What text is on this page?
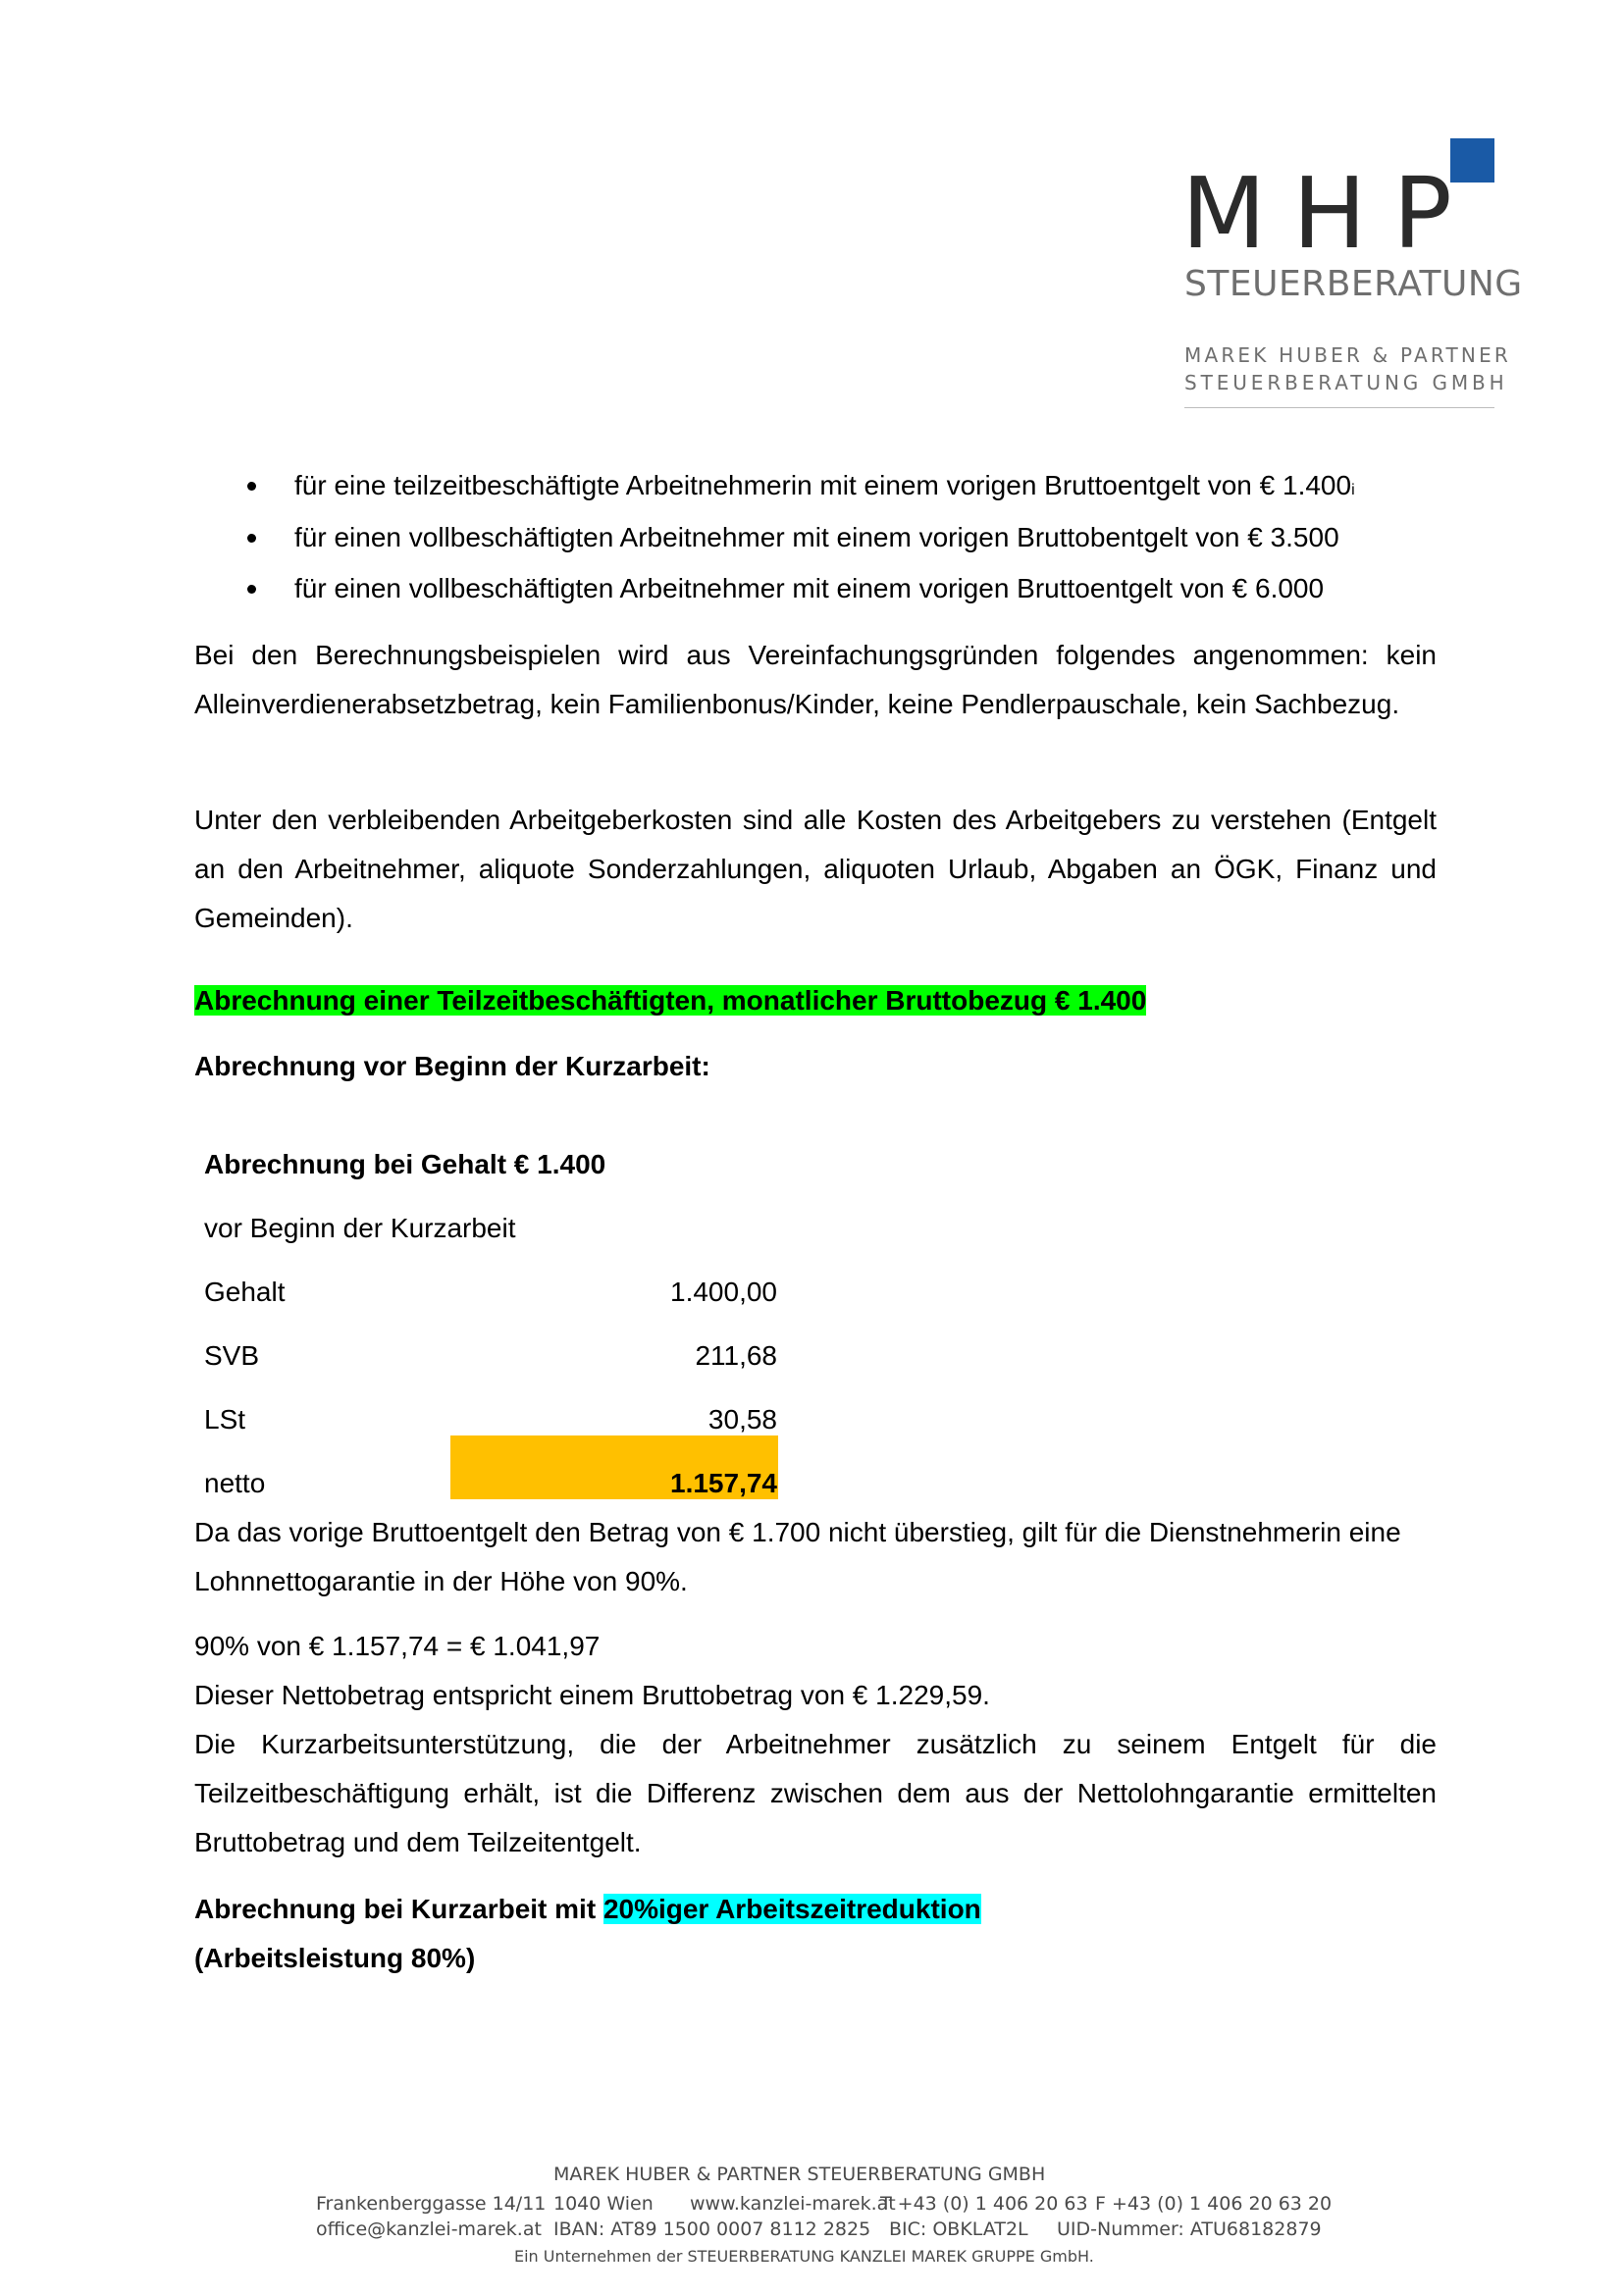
MHP
STEUERBERATUNG
MAREK HUBER & PARTNER
STEUERBERATUNG GMBH
für eine teilzeitbeschäftigte Arbeitnehmerin mit einem vorigen Bruttoentgelt von € 1.400i
für einen vollbeschäftigten Arbeitnehmer mit einem vorigen Bruttobentgelt von € 3.500
für einen vollbeschäftigten Arbeitnehmer mit einem vorigen Bruttoentgelt von € 6.000
Bei den Berechnungsbeispielen wird aus Vereinfachungsgründen folgendes angenommen: kein Alleinverdienerabsetzbetrag, kein Familienbonus/Kinder, keine Pendlerpauschale, kein Sachbezug.
Unter den verbleibenden Arbeitgeberkosten sind alle Kosten des Arbeitgebers zu verstehen (Entgelt an den Arbeitnehmer, aliquote Sonderzahlungen, aliquoten Urlaub, Abgaben an ÖGK, Finanz und Gemeinden).
Abrechnung einer Teilzeitbeschäftigten, monatlicher Bruttobezug € 1.400
Abrechnung vor Beginn der Kurzarbeit:
Abrechnung bei Gehalt € 1.400
vor Beginn der Kurzarbeit
Gehalt	1.400,00
SVB	211,68
LSt	30,58
netto	1.157,74
Da das vorige Bruttoentgelt den Betrag von € 1.700 nicht überstieg, gilt für die Dienstnehmerin eine Lohnnettogarantie in der Höhe von 90%.
90% von € 1.157,74 = € 1.041,97
Dieser Nettobetrag entspricht einem Bruttobetrag von € 1.229,59.
Die Kurzarbeitsunterstützung, die der Arbeitnehmer zusätzlich zu seinem Entgelt für die Teilzeitbeschäftigung erhält, ist die Differenz zwischen dem aus der Nettolohngarantie ermittelten Bruttobetrag und dem Teilzeitentgelt.
Abrechnung bei Kurzarbeit mit 20%iger Arbeitszeitreduktion
(Arbeitsleistung 80%)
MAREK HUBER & PARTNER STEUERBERATUNG GMBH
Frankenberggasse 14/11 1040 Wien www.kanzlei-marek.at
T +43 (0) 1 406 20 63 F +43 (0) 1 406 20 63 20
office@kanzlei-marek.at IBAN: AT89 1500 0007 8112 2825 BIC: OBKLAT2L UID-Nummer: ATU68182879
Ein Unternehmen der STEUERBERATUNG KANZLEI MAREK GRUPPE GmbH.
